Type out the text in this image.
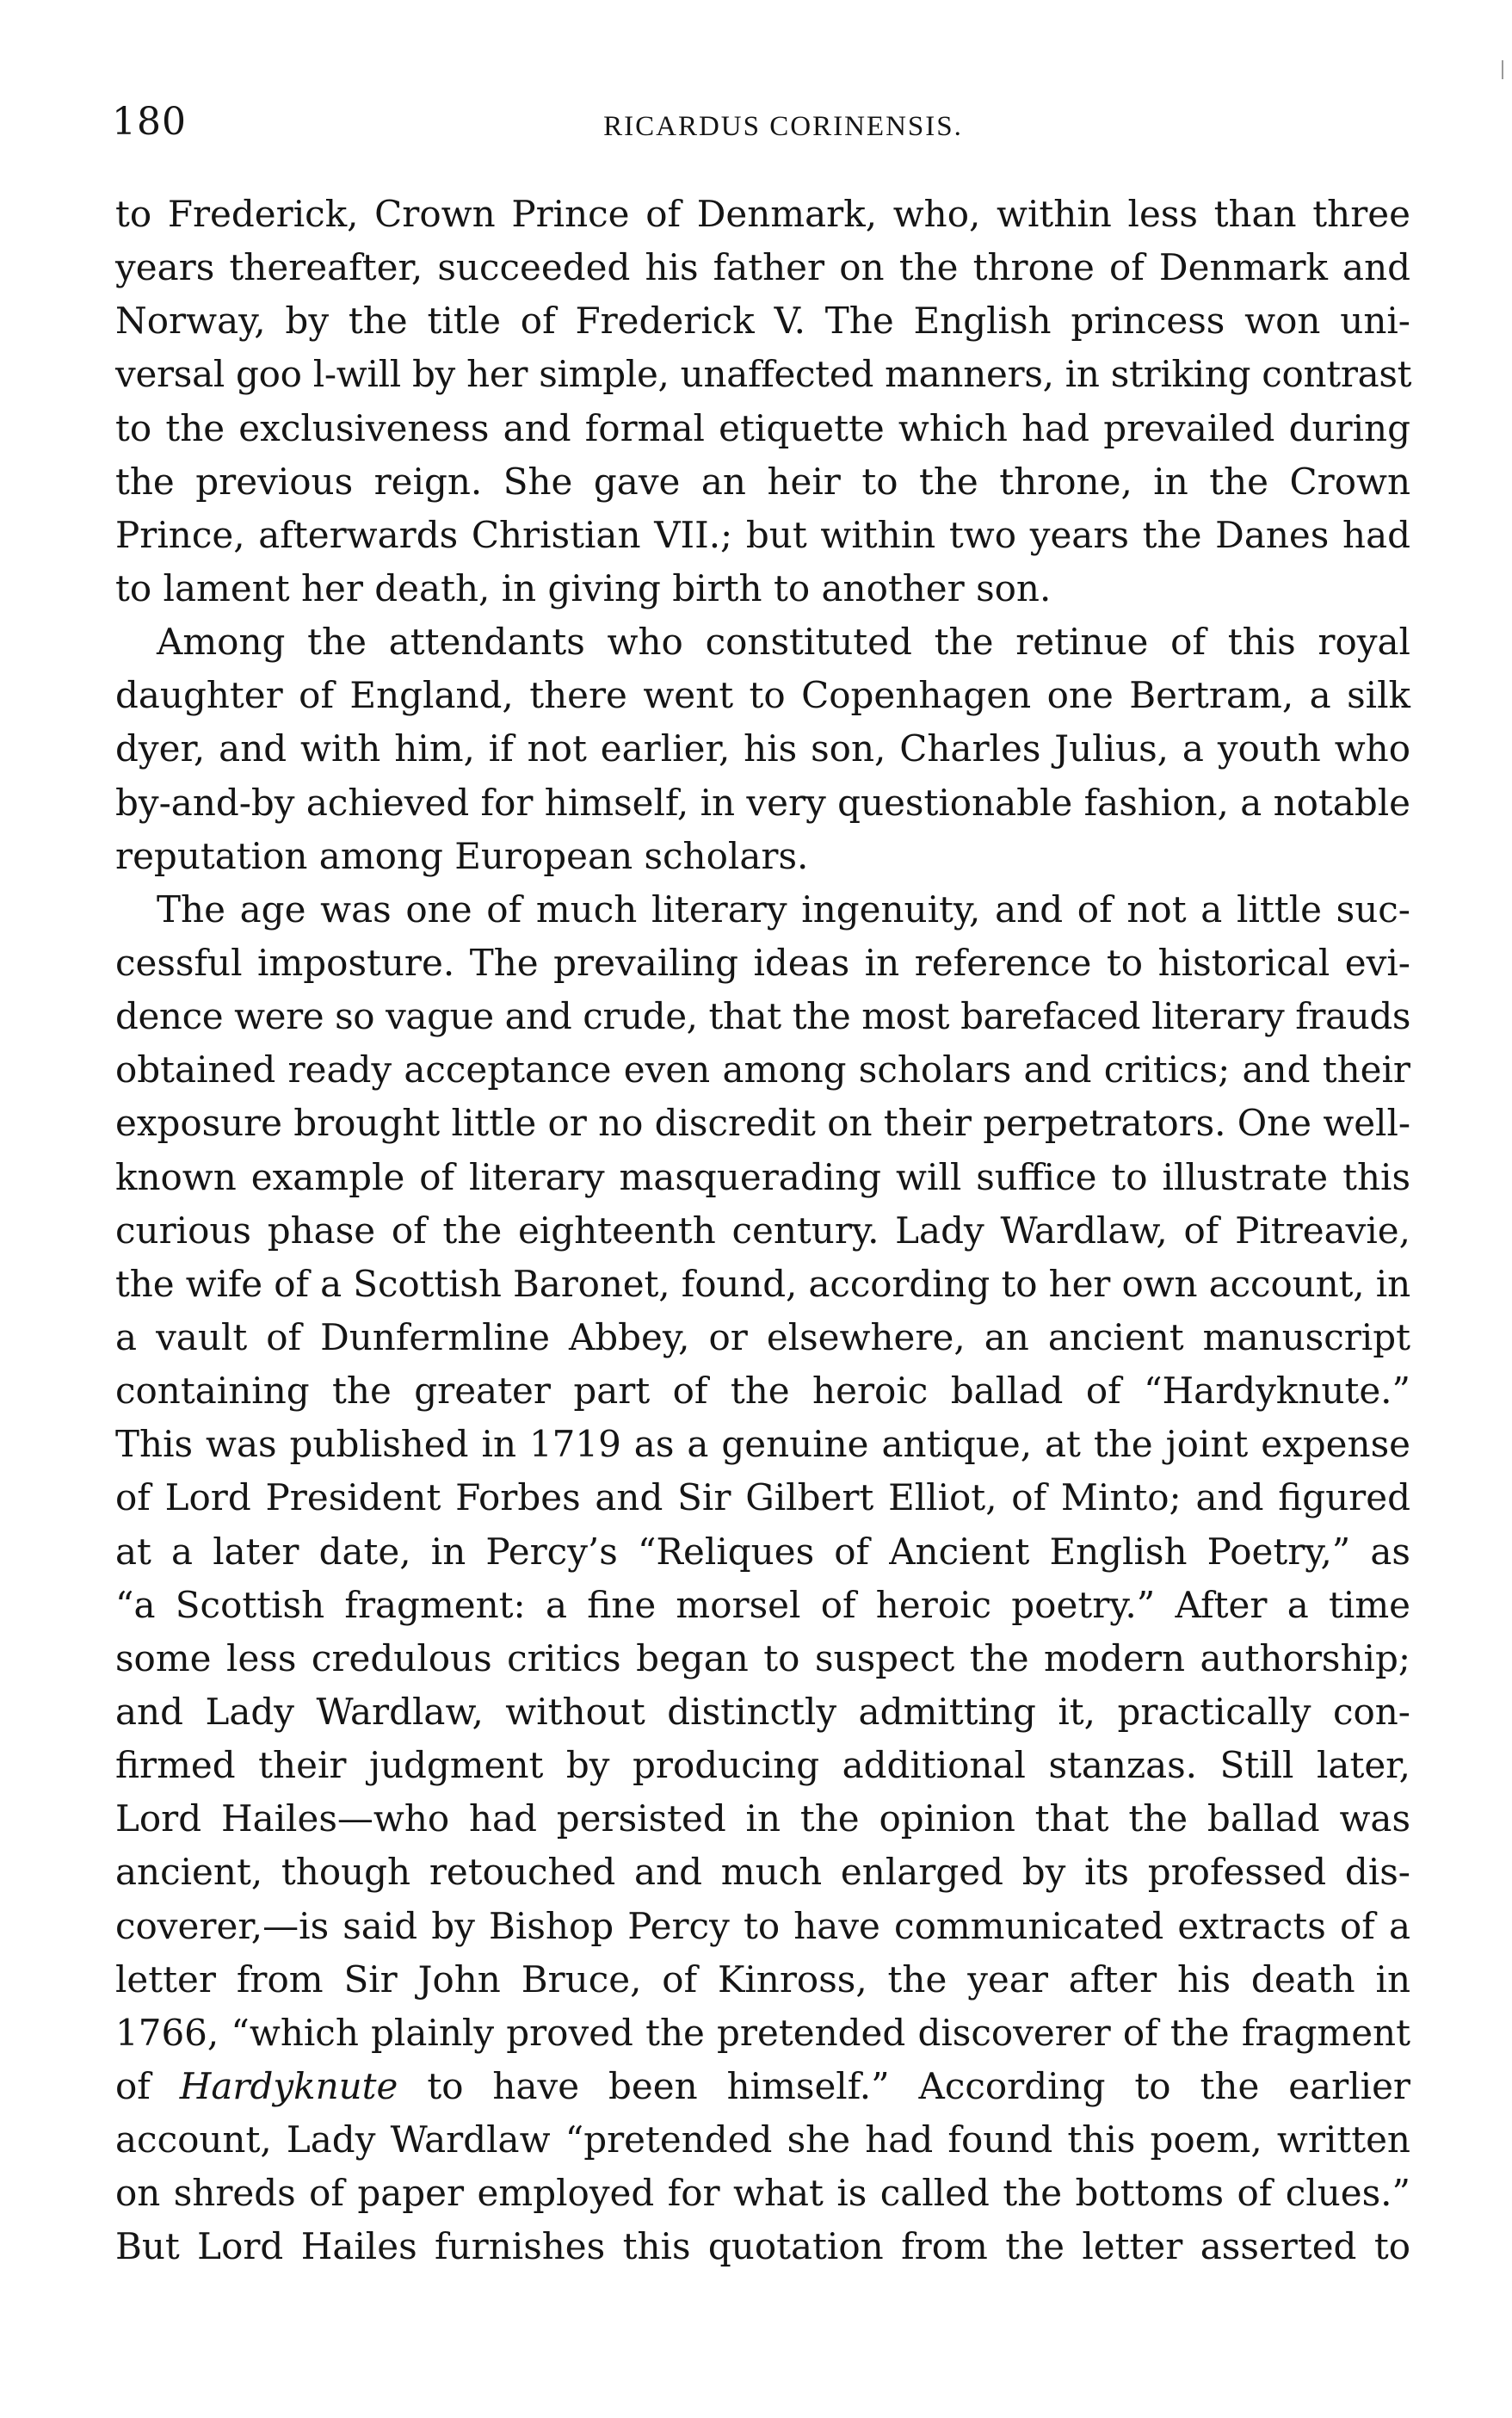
180	RICARDUS CORINENSIS.
to Frederick, Crown Prince of Denmark, who, within less than three
years thereafter, succeeded his father on the throne of Denmark and
Norway, by the title of Frederick V. The English princess won uni-
versal goo l-will by her simple, unaffected manners, in striking contrast
to the exclusiveness and formal etiquette which had prevailed during
the previous reign. She gave an heir to the throne, in the Crown
Prince, afterwards Christian VII.; but within two years the Danes had
to lament her death, in giving birth to another son.
Among the attendants who constituted the retinue of this royal
daughter of England, there went to Copenhagen one Bertram, a silk
dyer, and with him, if not earlier, his son, Charles Julius, a youth who
by-and-by achieved for himself, in very questionable fashion, a notable
reputation among European scholars.
The age was one of much literary ingenuity, and of not a little suc-
cessful imposture. The prevailing ideas in reference to historical evi-
dence were so vague and crude, that the most barefaced literary frauds
obtained ready acceptance even among scholars and critics; and their
exposure brought little or no discredit on their perpetrators. One well-
known example of literary masquerading will suffice to illustrate this
curious phase of the eighteenth century. Lady Wardlaw, of Pitreavie,
the wife of a Scottish Baronet, found, according to her own account, in
a vault of Dunfermline Abbey, or elsewhere, an ancient manuscript
containing the greater part of the heroic ballad of “Hardyknute.”
This was published in 1719 as a genuine antique, at the joint expense
of Lord President Forbes and Sir Gilbert Elliot, of Minto; and figured
at a later date, in Percy’s “Reliques of Ancient English Poetry,” as
“a Scottish fragment: a fine morsel of heroic poetry.” After a time
some less credulous critics began to suspect the modern authorship;
and Lady Wardlaw, without distinctly admitting it, practically con-
firmed their judgment by producing additional stanzas. Still later,
Lord Hailes—who had persisted in the opinion that the ballad was
ancient, though retouched and much enlarged by its professed dis-
coverer,—is said by Bishop Percy to have communicated extracts of a
letter from Sir John Bruce, of Kinross, the year after his death in
1766, “which plainly proved the pretended discoverer of the fragment
of Hardyknute to have been himself.” According to the earlier
account, Lady Wardlaw “pretended she had found this poem, written
on shreds of paper employed for what is called the bottoms of clues.”
But Lord Hailes furnishes this quotation from the letter asserted to
